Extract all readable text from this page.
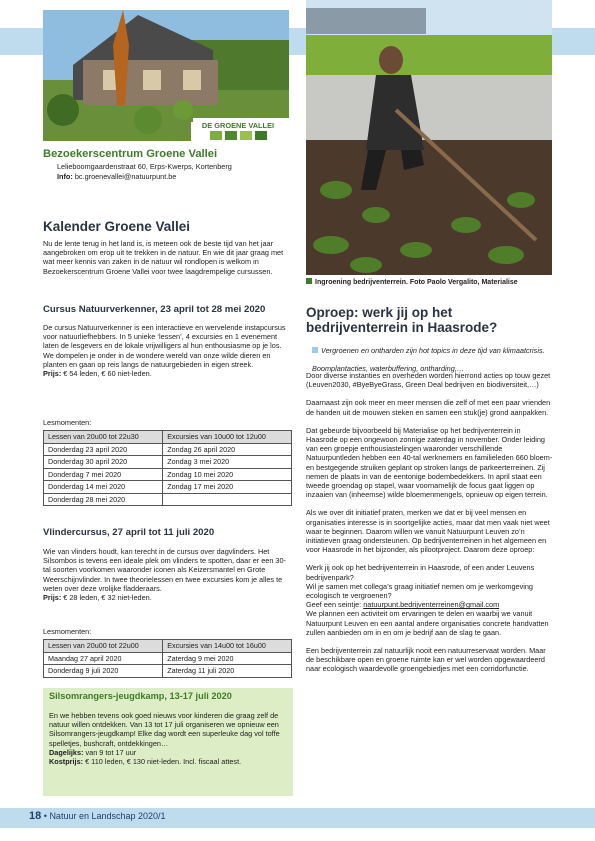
DE GROENE VALLEI
Bezoekerscentrum Groene Vallei
Lelieboomgaardenstraat 60, Erps-Kwerps, Kortenberg
Info: bc.groenevallei@natuurpunt.be
Kalender Groene Vallei

Nu de lente terug in het land is, is meteen ook de beste tijd van het jaar aangebroken om erop uit te trekken in de natuur. En wie dit jaar graag met wat meer kennis van zaken in de natuur wil rondlopen is welkom in Bezoekerscentrum Groene Vallei voor twee laagdrempelige cursussen.

Cursus Natuurverkenner, 23 april tot 28 mei 2020

De cursus Natuurverkenner is een interactieve en wervelende instapcursus voor natuurliefhebbers. In 5 unieke ‘lessen’, 4 excursies en 1 evenement laten de lesgevers en de lokale vrijwilligers al hun enthousiasme op je los. We dompelen je onder in de wondere wereld van onze wilde dieren en planten en gaan op reis langs de natuurgebieden in eigen streek.

Prijs: € 54 leden, € 60 niet-leden.

Lesmomenten:
Lessen van 20u00 tot 22u30	Excursies van 10u00 tot 12u00
Donderdag 23 april 2020	Zondag 26 april 2020
Donderdag 30 april 2020	Zondag 3 mei 2020
Donderdag 7 mei 2020	Zondag 10 mei 2020
Donderdag 14 mei 2020	Zondag 17 mei 2020
Donderdag 28 mei 2020	
Vlindercursus, 27 april tot 11 juli 2020

Wie van vlinders houdt, kan terecht in de cursus over dagvlinders. Het Silsombos is tevens een ideale plek om vlinders te spotten, daar er een 30-tal soorten voorkomen waaronder iconen als Keizersmantel en Grote Weerschijnvlinder. In twee theorielessen en twee excursies kom je alles te weten over deze vrolijke fladderaars.

Prijs: € 28 leden, € 32 niet-leden.

Lesmomenten:
Lessen van 20u00 tot 22u00	Excursies van 14u00 tot 16u00
Maandag 27 april 2020	Zaterdag 9 mei 2020
Donderdag 9 juli 2020	Zaterdag 11 juli 2020
Silsomrangers-jeugdkamp, 13-17 juli 2020

En we hebben tevens ook goed nieuws voor kinderen die graag zelf de natuur willen ontdekken. Van 13 tot 17 juli organiseren we opnieuw een Silsomrangers-jeugdkamp! Elke dag wordt een superleuke dag vol toffe spelletjes, bushcraft, ontdekkingen…

Dagelijks: van 9 tot 17 uur

Kostprijs: € 110 leden, € 130 niet-leden. Incl. fiscaal attest.

Ingroening bedrijventerrein. Foto Paolo Vergalito, Materialise
Oproep: werk jij op het bedrijventerrein in Haasrode?
Vergroenen en ontharden zijn hot topics in deze tijd van klimaatcrisis. Boomplantacties, waterbuffering, ontharding,…

Door diverse instanties en overheden worden hierrond acties op touw gezet (Leuven2030, #ByeByeGrass, Green Deal bedrijven en biodiversiteit,…)

Daarnaast zijn ook meer en meer mensen die zelf of met een paar vrienden de handen uit de mouwen steken en samen een stuk(je) grond aanpakken.

Dat gebeurde bijvoorbeeld bij Materialise op het bedrijventerrein in Haasrode op een ongewoon zonnige zaterdag in november. Onder leiding van een groepje enthousiastelingen waaronder verschillende Natuurpuntleden hebben een 40-tal werknemers en familieleden 660 bloem- en bestgegende struiken geplant op stroken langs de parkeerterreinen. Zij nemen de plaats in van de eentonige bodembedekkers. In april staat een tweede groendag op stapel, waar voornamelijk de focus gaat liggen op inzaaien van (inheemse) wilde bloemenmengels, opnieuw op eigen terrein.

Als we over dit initiatief praten, merken we dat er bij veel mensen en organisaties interesse is in soortgelijke acties, maar dat men vaak niet weet waar te beginnen. Daarom willen we vanuit Natuurpunt Leuven zo’n initiatieven graag ondersteunen. Op bedrijventerreinen in het algemeen en voor Haasrode in het bijzonder, als pilootproject. Daarom deze oproep:

Werk jij ook op het bedrijventerrein in Haasrode, of een ander Leuvens bedrijvenpark?

Wil je samen met collega’s graag initiatief nemen om je werkomgeving ecologisch te vergroenen?

Geef een seintje: natuurpunt.bedrijventerreinen@gmail.com

We plannen een activiteit om ervaringen te delen en waarbij we vanuit Natuurpunt Leuven en een aantal andere organisaties concrete handvatten zullen aanbieden om in en om je bedrijf aan de slag te gaan.

Een bedrijventerrein zal natuurlijk nooit een natuurreservaat worden. Maar de beschikbare open en groene ruimte kan er wel worden opgewaardeerd naar ecologisch waardevolle groengebiedjes met een corridorfunctie.

18 • Natuur en Landschap 2020/1
